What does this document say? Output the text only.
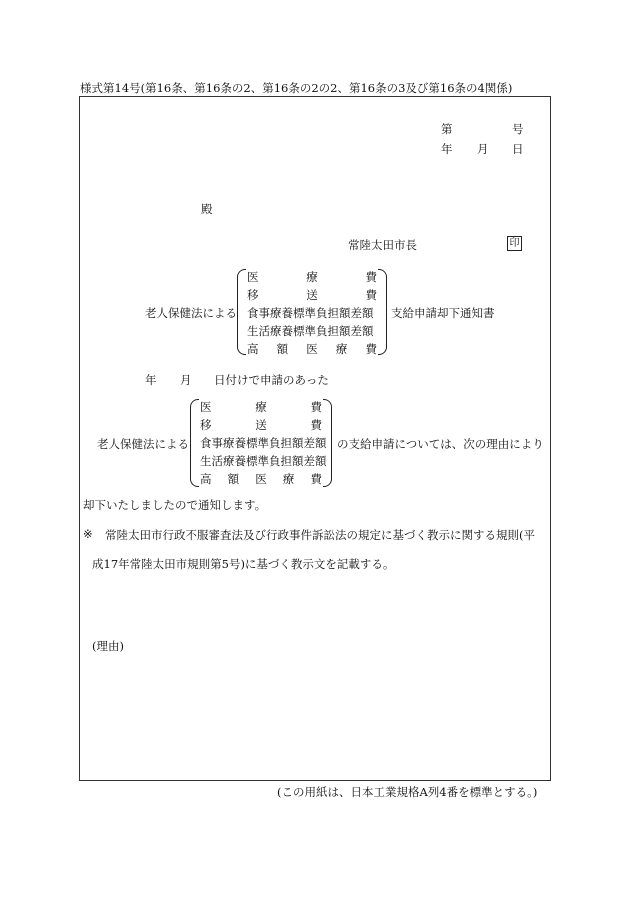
様式第14号(第16条、第16条の2、第16条の2の2、第16条の3及び第16条の4関係)
第	号
年 月 日
殿
常陸太田市長	印
老人保健法による
医	療	費
移	送	費
食事療養標準負担額差額
生活療養標準負担額差額
高 額 医 療 費
支給申請却下通知書
年 月 日付けで申請のあった
老人保健法による
医	療	費
移	送	費
食事療養標準負担額差額
生活療養標準負担額差額
高 額 医 療 費
の支給申請については、次の理由により
却下いたしましたので通知します。
※ 常陸太田市行政不服審査法及び行政事件訴訟法の規定に基づく教示に関する規則(平
成17年常陸太田市規則第5号)に基づく教示文を記載する。
(理由)
(この用紙は、日本工業規格A列4番を標準とする。)
